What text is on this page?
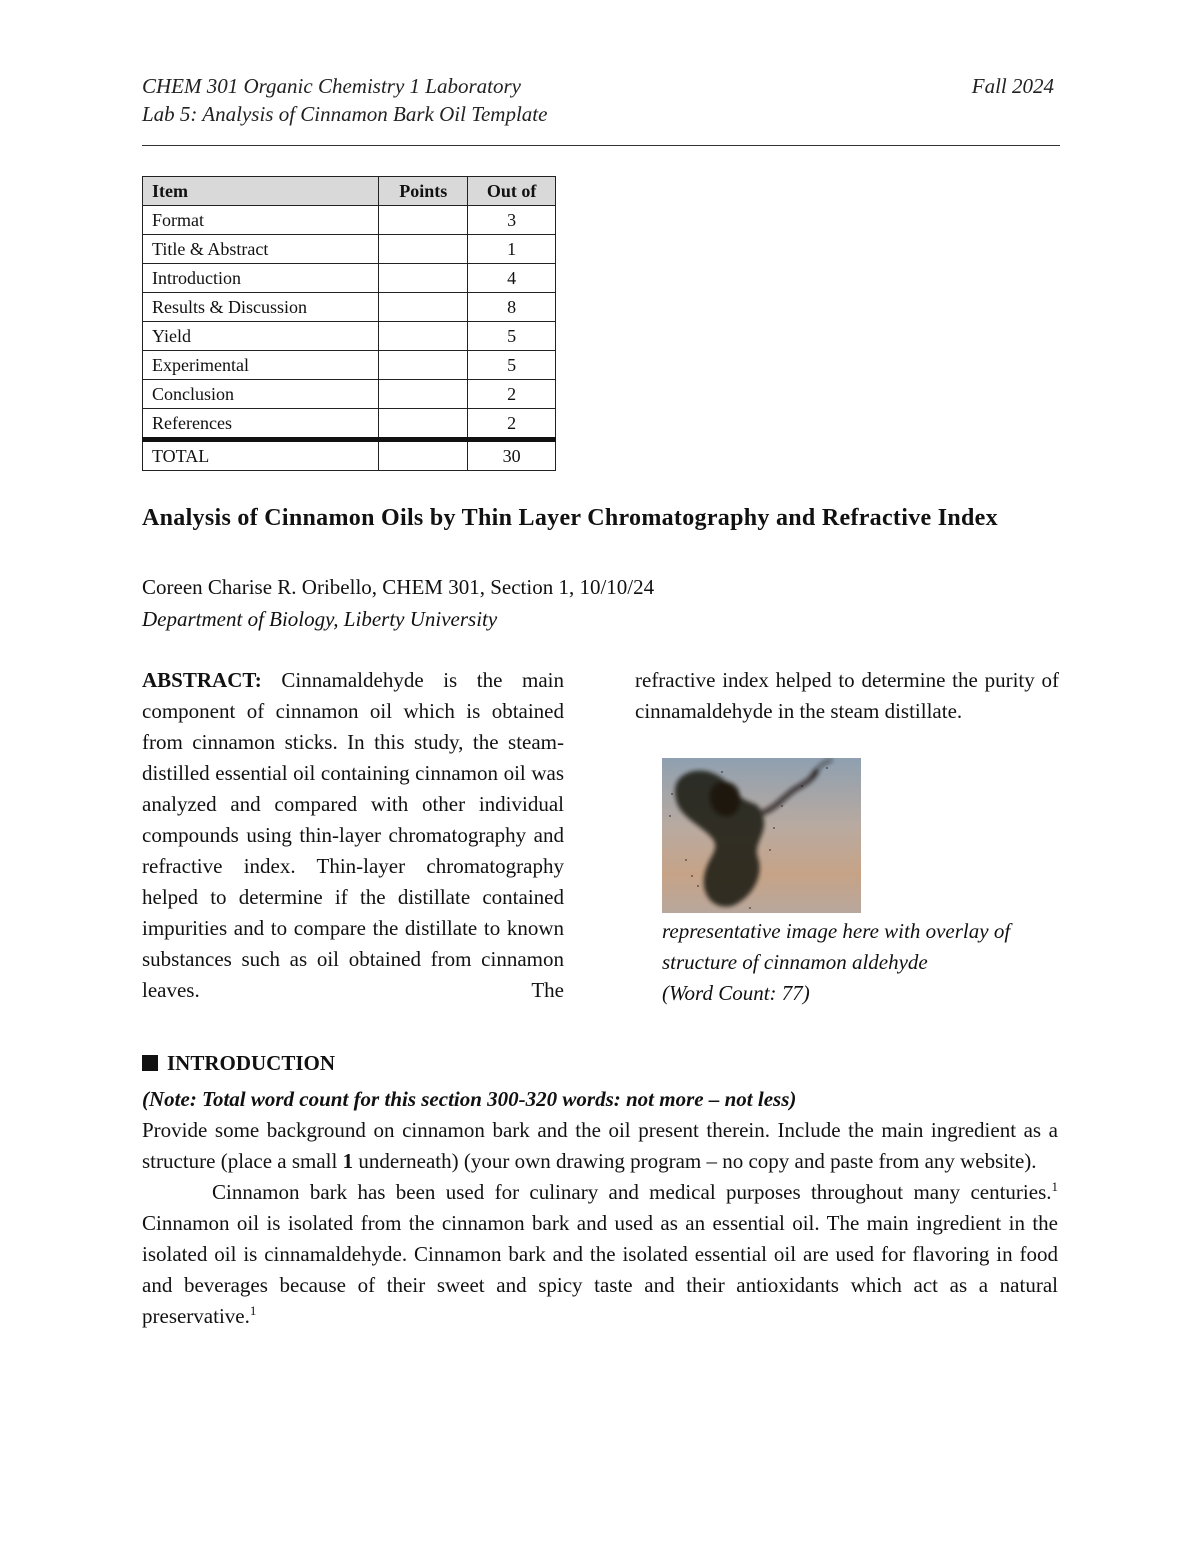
CHEM 301 Organic Chemistry 1 Laboratory	Fall 2024
Lab 5: Analysis of Cinnamon Bark Oil Template
Item	Points	Out of
Format		3
Title & Abstract		1
Introduction		4
Results & Discussion		8
Yield		5
Experimental		5
Conclusion		2
References		2
TOTAL		30
Analysis of Cinnamon Oils by Thin Layer Chromatography and Refractive Index
Coreen Charise R. Oribello, CHEM 301, Section 1, 10/10/24
Department of Biology, Liberty University
ABSTRACT: Cinnamaldehyde is the main component of cinnamon oil which is obtained from cinnamon sticks. In this study, the steam-distilled essential oil containing cinnamon oil was analyzed and compared with other individual compounds using thin-layer chromatography and refractive index. Thin-layer chromatography helped to determine if the distillate contained impurities and to compare the distillate to known substances such as oil obtained from cinnamon leaves. The
refractive index helped to determine the purity of cinnamaldehyde in the steam distillate.
representative image here with overlay of
structure of cinnamon aldehyde
(Word Count: 77)
INTRODUCTION
(Note: Total word count for this section 300-320 words: not more – not less)

Provide some background on cinnamon bark and the oil present therein. Include the main ingredient as a structure (place a small 1 underneath) (your own drawing program – no copy and paste from any website).

Cinnamon bark has been used for culinary and medical purposes throughout many centuries.$^1$ Cinnamon oil is isolated from the cinnamon bark and used as an essential oil. The main ingredient in the isolated oil is cinnamaldehyde. Cinnamon bark and the isolated essential oil are used for flavoring in food and beverages because of their sweet and spicy taste and their antioxidants which act as a natural preservative.$^1$
